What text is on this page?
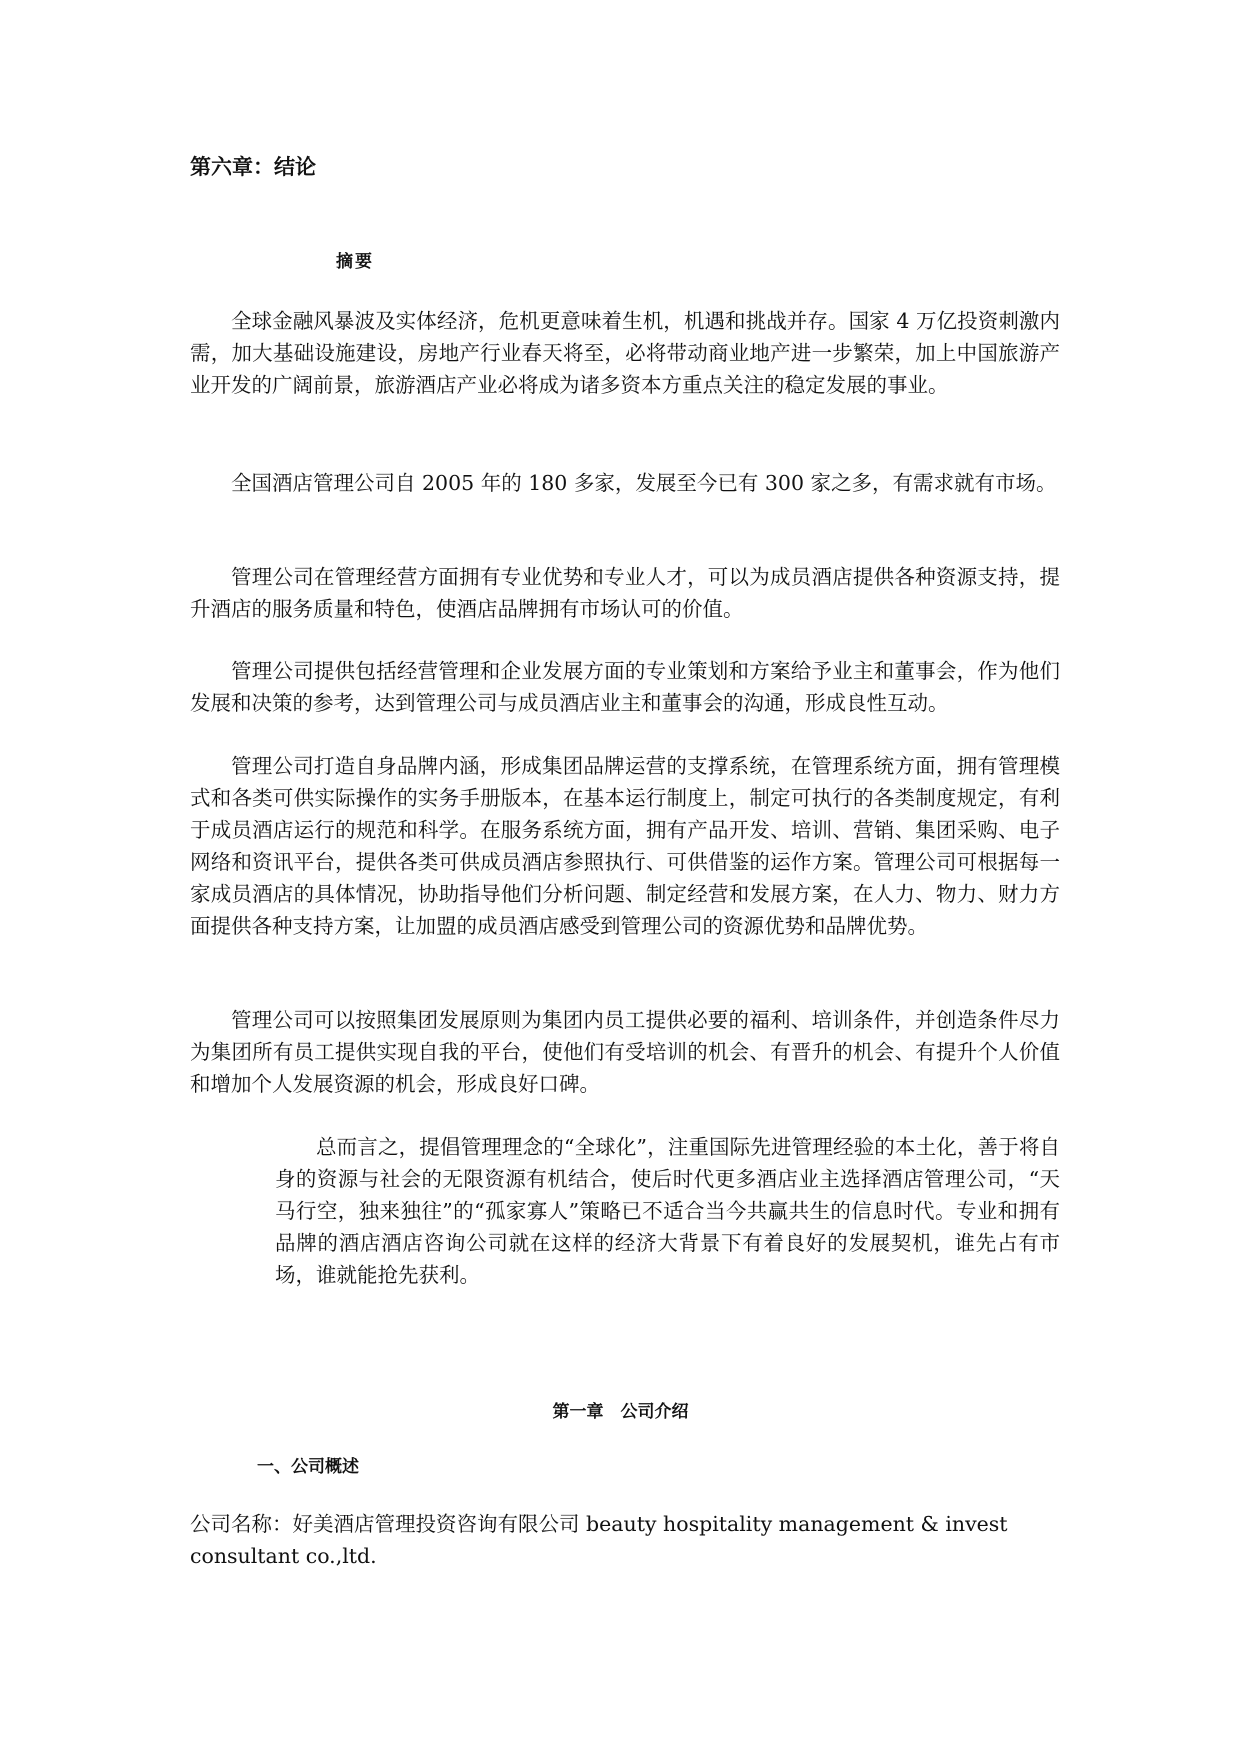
第六章：结论
摘要

全球金融风暴波及实体经济，危机更意味着生机，机遇和挑战并存。国家 4 万亿投资刺激内需，加大基础设施建设，房地产行业春天将至，必将带动商业地产进一步繁荣，加上中国旅游产业开发的广阔前景，旅游酒店产业必将成为诸多资本方重点关注的稳定发展的事业。

全国酒店管理公司自 2005 年的 180 多家，发展至今已有 300 家之多，有需求就有市场。

管理公司在管理经营方面拥有专业优势和专业人才，可以为成员酒店提供各种资源支持，提升酒店的服务质量和特色，使酒店品牌拥有市场认可的价值。

管理公司提供包括经营管理和企业发展方面的专业策划和方案给予业主和董事会，作为他们发展和决策的参考，达到管理公司与成员酒店业主和董事会的沟通，形成良性互动。

管理公司打造自身品牌内涵，形成集团品牌运营的支撑系统，在管理系统方面，拥有管理模式和各类可供实际操作的实务手册版本，在基本运行制度上，制定可执行的各类制度规定，有利于成员酒店运行的规范和科学。在服务系统方面，拥有产品开发、培训、营销、集团采购、电子网络和资讯平台，提供各类可供成员酒店参照执行、可供借鉴的运作方案。管理公司可根据每一家成员酒店的具体情况，协助指导他们分析问题、制定经营和发展方案，在人力、物力、财力方面提供各种支持方案，让加盟的成员酒店感受到管理公司的资源优势和品牌优势。

管理公司可以按照集团发展原则为集团内员工提供必要的福利、培训条件，并创造条件尽力为集团所有员工提供实现自我的平台，使他们有受培训的机会、有晋升的机会、有提升个人价值和增加个人发展资源的机会，形成良好口碑。

总而言之，提倡管理理念的“全球化”，注重国际先进管理经验的本土化，善于将自身的资源与社会的无限资源有机结合，使后时代更多酒店业主选择酒店管理公司，“天马行空，独来独往”的“孤家寡人”策略已不适合当今共赢共生的信息时代。专业和拥有品牌的酒店酒店咨询公司就在这样的经济大背景下有着良好的发展契机，谁先占有市场，谁就能抢先获利。

第一章　公司介绍
一、公司概述

公司名称：好美酒店管理投资咨询有限公司 beauty hospitality management & invest consultant co.,ltd.
